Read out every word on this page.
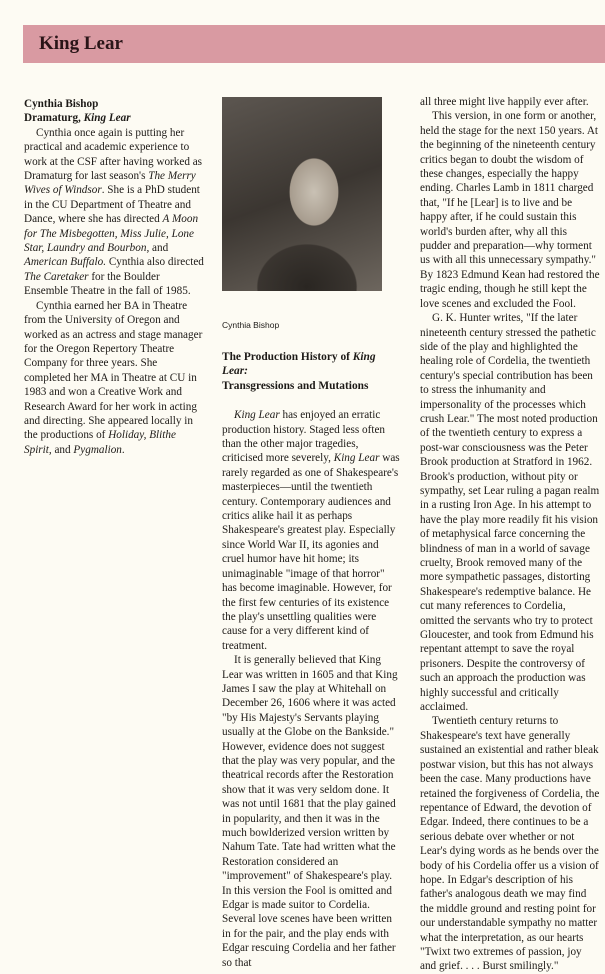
King Lear
Cynthia Bishop
Dramaturg, King Lear

Cynthia once again is putting her practical and academic experience to work at the CSF after having worked as Dramaturg for last season's The Merry Wives of Windsor. She is a PhD student in the CU Department of Theatre and Dance, where she has directed A Moon for The Misbegotten, Miss Julie, Lone Star, Laundry and Bourbon, and American Buffalo. Cynthia also directed The Caretaker for the Boulder Ensemble Theatre in the fall of 1985.

Cynthia earned her BA in Theatre from the University of Oregon and worked as an actress and stage manager for the Oregon Repertory Theatre Company for three years. She completed her MA in Theatre at CU in 1983 and won a Creative Work and Research Award for her work in acting and directing. She appeared locally in the productions of Holiday, Blithe Spirit, and Pygmalion.

Cynthia Bishop
The Production History of King Lear:
Transgressions and Mutations

King Lear has enjoyed an erratic production history. Staged less often than the other major tragedies, criticised more severely, King Lear was rarely regarded as one of Shakespeare's masterpieces—until the twentieth century. Contemporary audiences and critics alike hail it as perhaps Shakespeare's greatest play. Especially since World War II, its agonies and cruel humor have hit home; its unimaginable "image of that horror" has become imaginable. However, for the first few centuries of its existence the play's unsettling qualities were cause for a very different kind of treatment.

It is generally believed that King Lear was written in 1605 and that King James I saw the play at Whitehall on December 26, 1606 where it was acted "by His Majesty's Servants playing usually at the Globe on the Bankside." However, evidence does not suggest that the play was very popular, and the theatrical records after the Restoration show that it was very seldom done. It was not until 1681 that the play gained in popularity, and then it was in the much bowlderized version written by Nahum Tate. Tate had written what the Restoration considered an "improvement" of Shakespeare's play. In this version the Fool is omitted and Edgar is made suitor to Cordelia. Several love scenes have been written in for the pair, and the play ends with Edgar rescuing Cordelia and her father so that

all three might live happily ever after.

This version, in one form or another, held the stage for the next 150 years. At the beginning of the nineteenth century critics began to doubt the wisdom of these changes, especially the happy ending. Charles Lamb in 1811 charged that, "If he [Lear] is to live and be happy after, if he could sustain this world's burden after, why all this pudder and preparation—why torment us with all this unnecessary sympathy." By 1823 Edmund Kean had restored the tragic ending, though he still kept the love scenes and excluded the Fool.

G. K. Hunter writes, "If the later nineteenth century stressed the pathetic side of the play and highlighted the healing role of Cordelia, the twentieth century's special contribution has been to stress the inhumanity and impersonality of the processes which crush Lear." The most noted production of the twentieth century to express a post-war consciousness was the Peter Brook production at Stratford in 1962. Brook's production, without pity or sympathy, set Lear ruling a pagan realm in a rusting Iron Age. In his attempt to have the play more readily fit his vision of metaphysical farce concerning the blindness of man in a world of savage cruelty, Brook removed many of the more sympathetic passages, distorting Shakespeare's redemptive balance. He cut many references to Cordelia, omitted the servants who try to protect Gloucester, and took from Edmund his repentant attempt to save the royal prisoners. Despite the controversy of such an approach the production was highly successful and critically acclaimed.

Twentieth century returns to Shakespeare's text have generally sustained an existential and rather bleak postwar vision, but this has not always been the case. Many productions have retained the forgiveness of Cordelia, the repentance of Edward, the devotion of Edgar. Indeed, there continues to be a serious debate over whether or not Lear's dying words as he bends over the body of his Cordelia offer us a vision of hope. In Edgar's description of his father's analogous death we may find the middle ground and resting point for our understandable sympathy no matter what the interpretation, as our hearts "Twixt two extremes of passion, joy and grief. . . . Burst smilingly."
